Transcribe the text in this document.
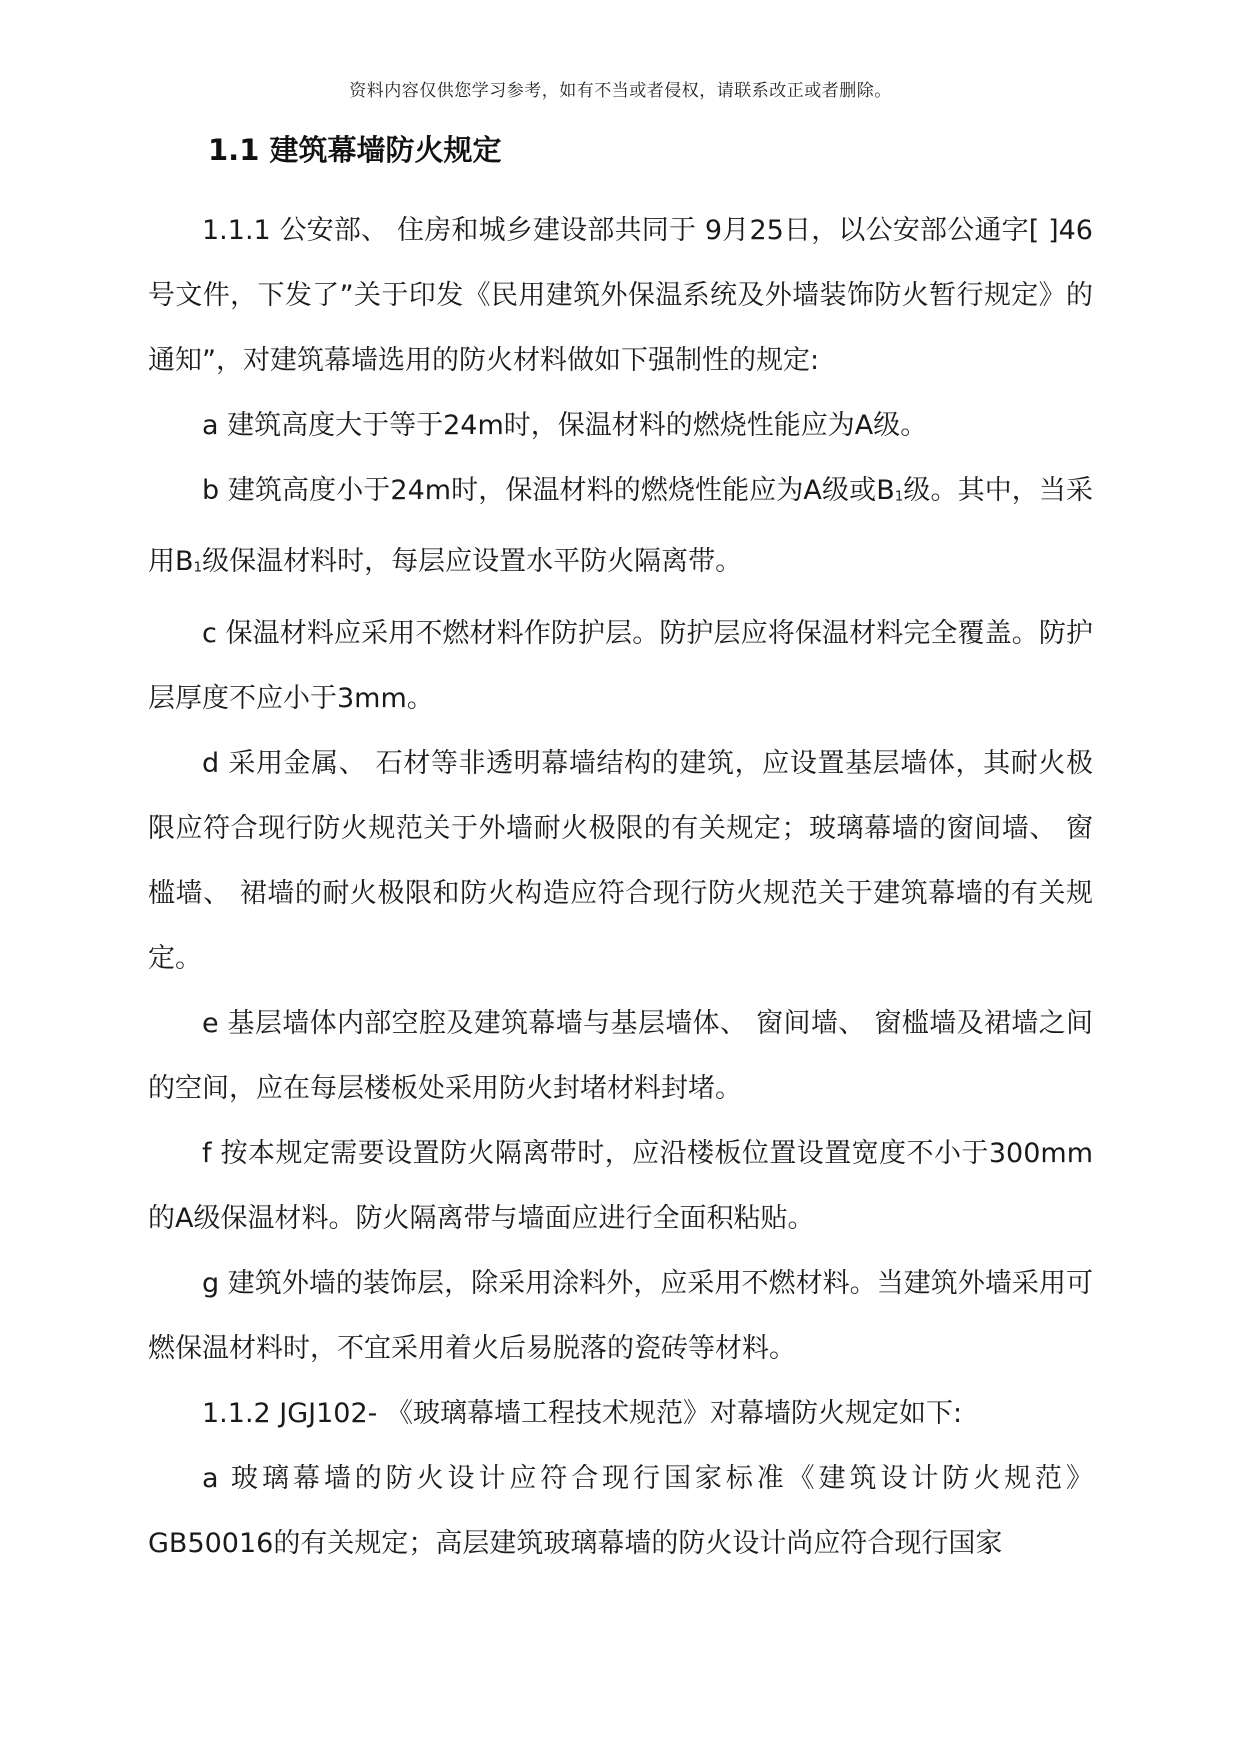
资料内容仅供您学习参考，如有不当或者侵权，请联系改正或者删除。
1.1 建筑幕墙防火规定

1.1.1 公安部、 住房和城乡建设部共同于 9月25日，以公安部公通字[ ]46号文件，下发了”关于印发《民用建筑外保温系统及外墙装饰防火暂行规定》的通知”，对建筑幕墙选用的防火材料做如下强制性的规定:

a 建筑高度大于等于24m时，保温材料的燃烧性能应为A级。

b 建筑高度小于24m时，保温材料的燃烧性能应为A级或$B_1$级。其中，当采用$B_1$级保温材料时，每层应设置水平防火隔离带。

c 保温材料应采用不燃材料作防护层。防护层应将保温材料完全覆盖。防护层厚度不应小于3mm。

d 采用金属、 石材等非透明幕墙结构的建筑，应设置基层墙体，其耐火极限应符合现行防火规范关于外墙耐火极限的有关规定；玻璃幕墙的窗间墙、 窗槛墙、 裙墙的耐火极限和防火构造应符合现行防火规范关于建筑幕墙的有关规定。

e 基层墙体内部空腔及建筑幕墙与基层墙体、 窗间墙、 窗槛墙及裙墙之间的空间，应在每层楼板处采用防火封堵材料封堵。

f 按本规定需要设置防火隔离带时，应沿楼板位置设置宽度不小于300mm的A级保温材料。防火隔离带与墙面应进行全面积粘贴。

g 建筑外墙的装饰层，除采用涂料外，应采用不燃材料。当建筑外墙采用可燃保温材料时，不宜采用着火后易脱落的瓷砖等材料。

1.1.2 JGJ102- 《玻璃幕墙工程技术规范》对幕墙防火规定如下:

a 玻璃幕墙的防火设计应符合现行国家标准《建筑设计防火规范》GB50016的有关规定；高层建筑玻璃幕墙的防火设计尚应符合现行国家
